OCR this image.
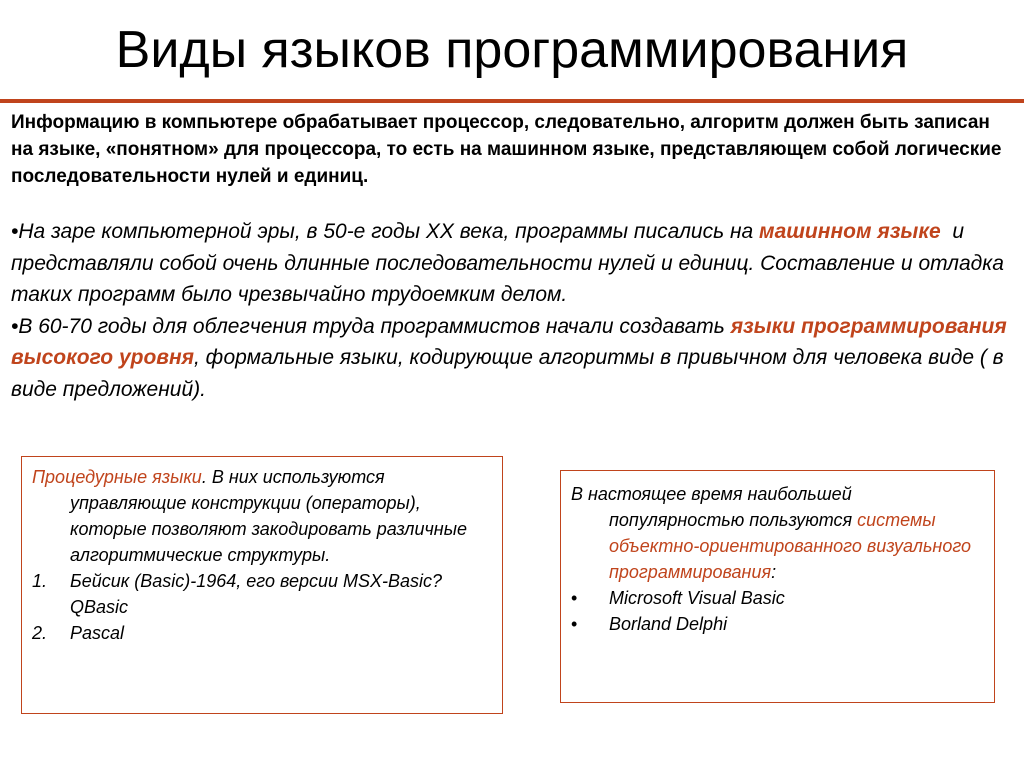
Виды языков программирования
Информацию в компьютере обрабатывает процессор, следовательно, алгоритм должен быть записан на языке, «понятном» для процессора, то есть на машинном языке, представляющем собой логические последовательности нулей и единиц.

•На заре компьютерной эры, в 50-е годы XX века, программы писались на машинном языке  и представляли собой очень длинные последовательности нулей и единиц. Составление и отладка таких программ было чрезвычайно трудоемким делом.

•В 60-70 годы для облегчения труда программистов начали создавать языки программирования высокого уровня, формальные языки, кодирующие алгоритмы в привычном для человека виде ( в виде предложений).

Процедурные языки. В них используются управляющие конструкции (операторы), которые позволяют закодировать различные алгоритмические структуры.

1.	Бейсик (Basic)-1964, его версии MSX-Basic? QBasic
2.	Pascal

В настоящее время наибольшей популярностью пользуются системы объектно-ориентированного визуального программирования:

•	Microsoft Visual Basic
•	Borland Delphi
